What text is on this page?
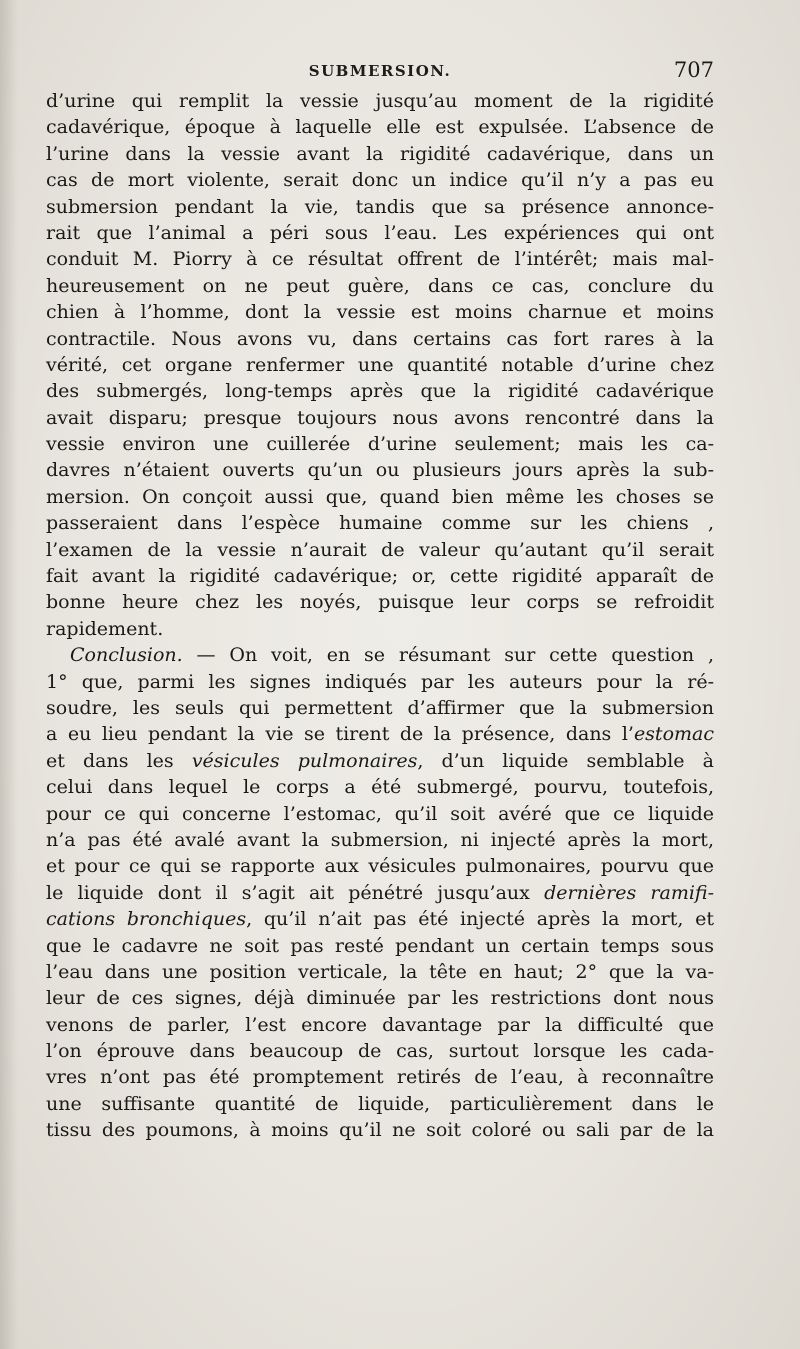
SUBMERSION.	707
d’urine qui remplit la vessie jusqu’au moment de la rigidité
cadavérique, époque à laquelle elle est expulsée. L’absence de
l’urine dans la vessie avant la rigidité cadavérique, dans un
cas de mort violente, serait donc un indice qu’il n’y a pas eu
submersion pendant la vie, tandis que sa présence annonce-
rait que l’animal a péri sous l’eau. Les expériences qui ont
conduit M. Piorry à ce résultat offrent de l’intérêt; mais mal-
heureusement on ne peut guère, dans ce cas, conclure du
chien à l’homme, dont la vessie est moins charnue et moins
contractile. Nous avons vu, dans certains cas fort rares à la
vérité, cet organe renfermer une quantité notable d’urine chez
des submergés, long-temps après que la rigidité cadavérique
avait disparu; presque toujours nous avons rencontré dans la
vessie environ une cuillerée d’urine seulement; mais les ca-
davres n’étaient ouverts qu’un ou plusieurs jours après la sub-
mersion. On conçoit aussi que, quand bien même les choses se
passeraient dans l’espèce humaine comme sur les chiens ,
l’examen de la vessie n’aurait de valeur qu’autant qu’il serait
fait avant la rigidité cadavérique; or, cette rigidité apparaît de
bonne heure chez les noyés, puisque leur corps se refroidit
rapidement.
Conclusion. — On voit, en se résumant sur cette question ,
1° que, parmi les signes indiqués par les auteurs pour la ré-
soudre, les seuls qui permettent d’affirmer que la submersion
a eu lieu pendant la vie se tirent de la présence, dans l’estomac
et dans les vésicules pulmonaires, d’un liquide semblable à
celui dans lequel le corps a été submergé, pourvu, toutefois,
pour ce qui concerne l’estomac, qu’il soit avéré que ce liquide
n’a pas été avalé avant la submersion, ni injecté après la mort,
et pour ce qui se rapporte aux vésicules pulmonaires, pourvu que
le liquide dont il s’agit ait pénétré jusqu’aux dernières ramifi-
cations bronchiques, qu’il n’ait pas été injecté après la mort, et
que le cadavre ne soit pas resté pendant un certain temps sous
l’eau dans une position verticale, la tête en haut; 2° que la va-
leur de ces signes, déjà diminuée par les restrictions dont nous
venons de parler, l’est encore davantage par la difficulté que
l’on éprouve dans beaucoup de cas, surtout lorsque les cada-
vres n’ont pas été promptement retirés de l’eau, à reconnaître
une suffisante quantité de liquide, particulièrement dans le
tissu des poumons, à moins qu’il ne soit coloré ou sali par de la
